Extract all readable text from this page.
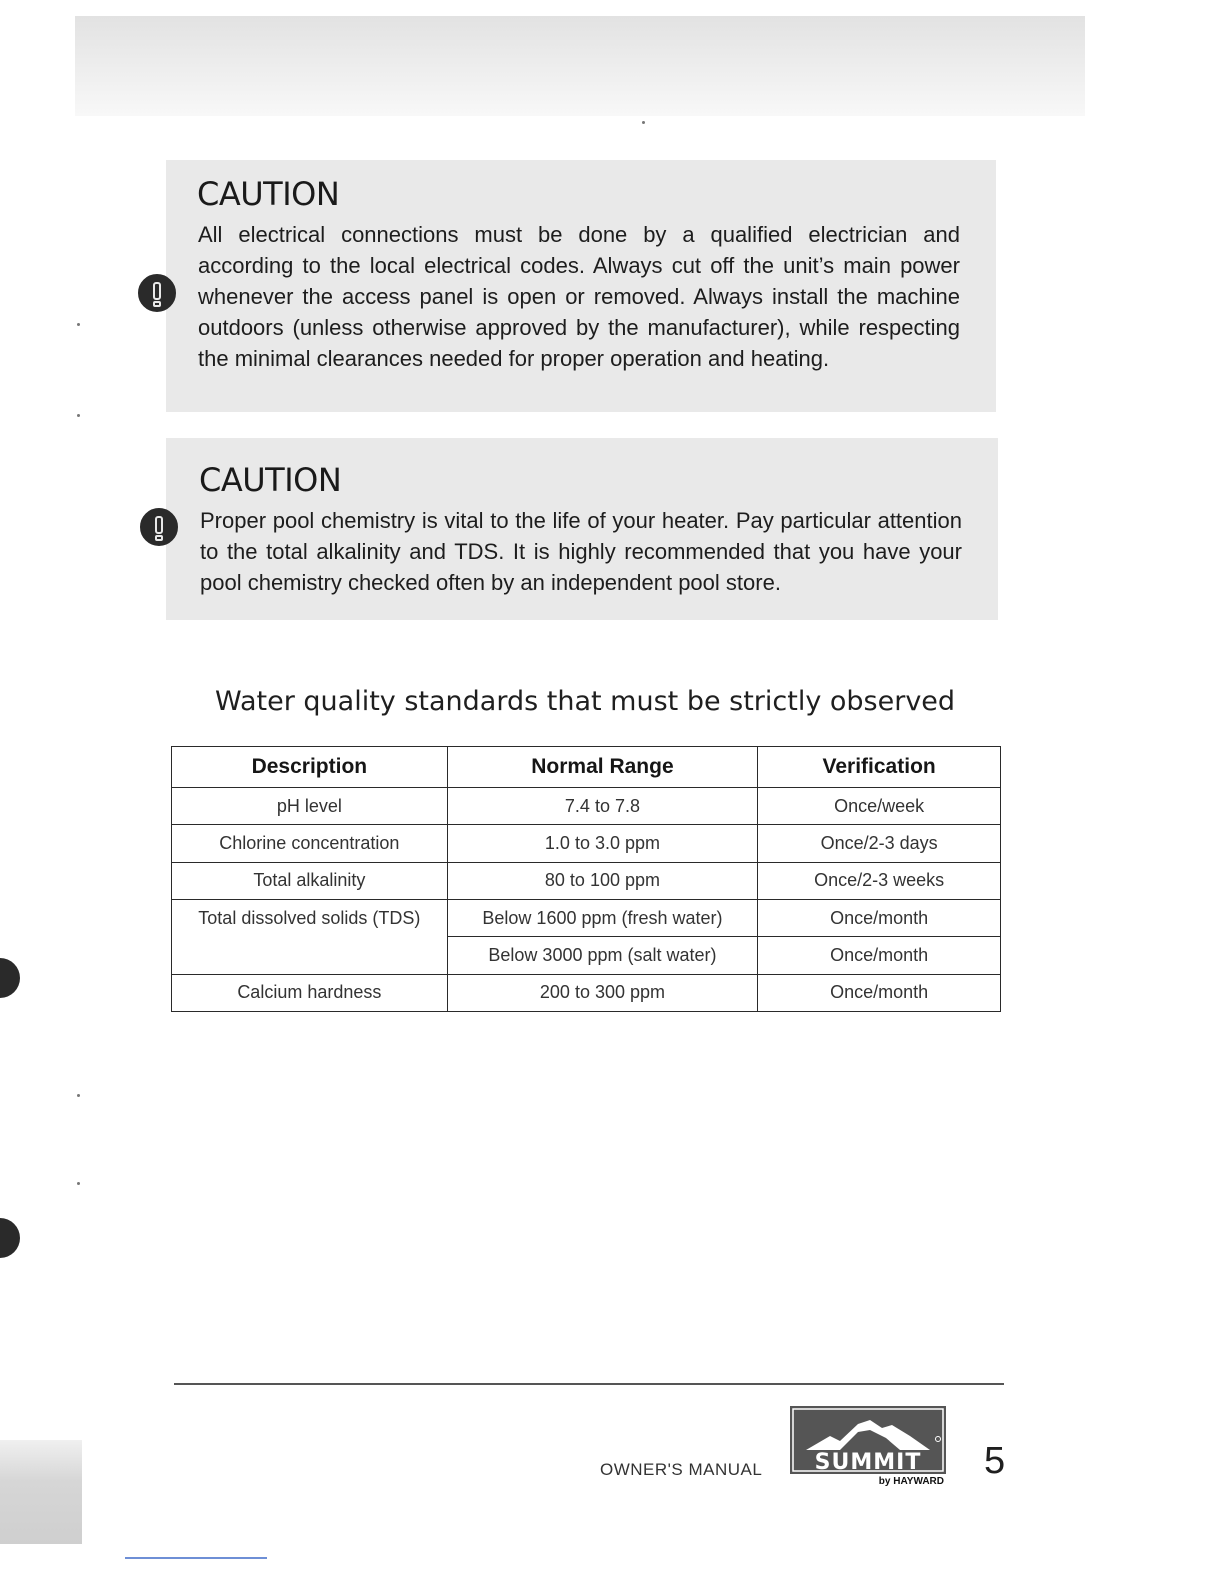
CAUTION
All electrical connections must be done by a qualified electrician and according to the local electrical codes. Always cut off the unit’s main power whenever the access panel is open or removed. Always install the machine outdoors (unless otherwise approved by the manufacturer), while respecting the minimal clearances needed for proper operation and heating.
CAUTION
Proper pool chemistry is vital to the life of your heater. Pay particular attention to the total alkalinity and TDS. It is highly recommended that you have your pool chemistry checked often by an independent pool store.
Water quality standards that must be strictly observed
Description	Normal Range	Verification
pH level	7.4 to 7.8	Once/week
Chlorine concentration	1.0 to 3.0 ppm	Once/2-3 days
Total alkalinity	80 to 100 ppm	Once/2-3 weeks
Total dissolved solids (TDS)	Below 1600 ppm (fresh water)	Once/month
	Below 3000 ppm (salt water)	Once/month
Calcium hardness	200 to 300 ppm	Once/month
OWNER'S MANUAL SUMMIT
by HAYWARD 5
